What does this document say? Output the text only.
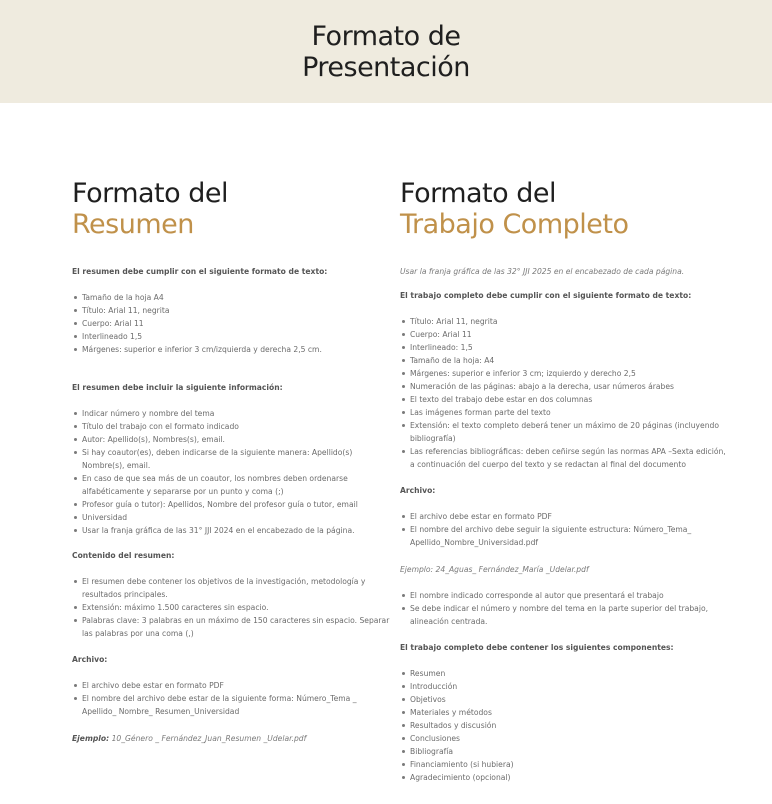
Formato de
Presentación
Formato del
Resumen

El resumen debe cumplir con el siguiente formato de texto:

Tamaño de la hoja A4
Título: Arial 11, negrita
Cuerpo: Arial 11
Interlineado 1,5
Márgenes: superior e inferior 3 cm/izquierda y derecha 2,5 cm.

El resumen debe incluir la siguiente información:

Indicar número y nombre del tema
Título del trabajo con el formato indicado
Autor: Apellido(s), Nombres(s), email.
Si hay coautor(es), deben indicarse de la siguiente manera: Apellido(s) Nombre(s), email.
En caso de que sea más de un coautor, los nombres deben ordenarse alfabéticamente y separarse por un punto y coma (;)
Profesor guía o tutor): Apellidos, Nombre del profesor guía o tutor, email
Universidad
Usar la franja gráfica de las 31° JJI 2024 en el encabezado de la página.

Contenido del resumen:

El resumen debe contener los objetivos de la investigación, metodología y resultados principales.
Extensión: máximo 1.500 caracteres sin espacio.
Palabras clave: 3 palabras en un máximo de 150 caracteres sin espacio. Separar las palabras por una coma (,)

Archivo:

El archivo debe estar en formato PDF
El nombre del archivo debe estar de la siguiente forma: Número_Tema _ Apellido_ Nombre_ Resumen_Universidad

Ejemplo: 10_Género _ Fernández_Juan_Resumen _Udelar.pdf

Formato del
Trabajo Completo

Usar la franja gráfica de las 32° JJI 2025 en el encabezado de cada página.

El trabajo completo debe cumplir con el siguiente formato de texto:

Título: Arial 11, negrita
Cuerpo: Arial 11
Interlineado: 1,5
Tamaño de la hoja: A4
Márgenes: superior e inferior 3 cm; izquierdo y derecho 2,5
Numeración de las páginas: abajo a la derecha, usar números árabes
El texto del trabajo debe estar en dos columnas
Las imágenes forman parte del texto
Extensión: el texto completo deberá tener un máximo de 20 páginas (incluyendo bibliografía)
Las referencias bibliográficas: deben ceñirse según las normas APA –Sexta edición, a continuación del cuerpo del texto y se redactan al final del documento

Archivo:

El archivo debe estar en formato PDF
El nombre del archivo debe seguir la siguiente estructura: Número_Tema_ Apellido_Nombre_Universidad.pdf

Ejemplo: 24_Aguas_ Fernández_María _Udelar.pdf

El nombre indicado corresponde al autor que presentará el trabajo
Se debe indicar el número y nombre del tema en la parte superior del trabajo, alineación centrada.

El trabajo completo debe contener los siguientes componentes:

Resumen
Introducción
Objetivos
Materiales y métodos
Resultados y discusión
Conclusiones
Bibliografía
Financiamiento (si hubiera)
Agradecimiento (opcional)
